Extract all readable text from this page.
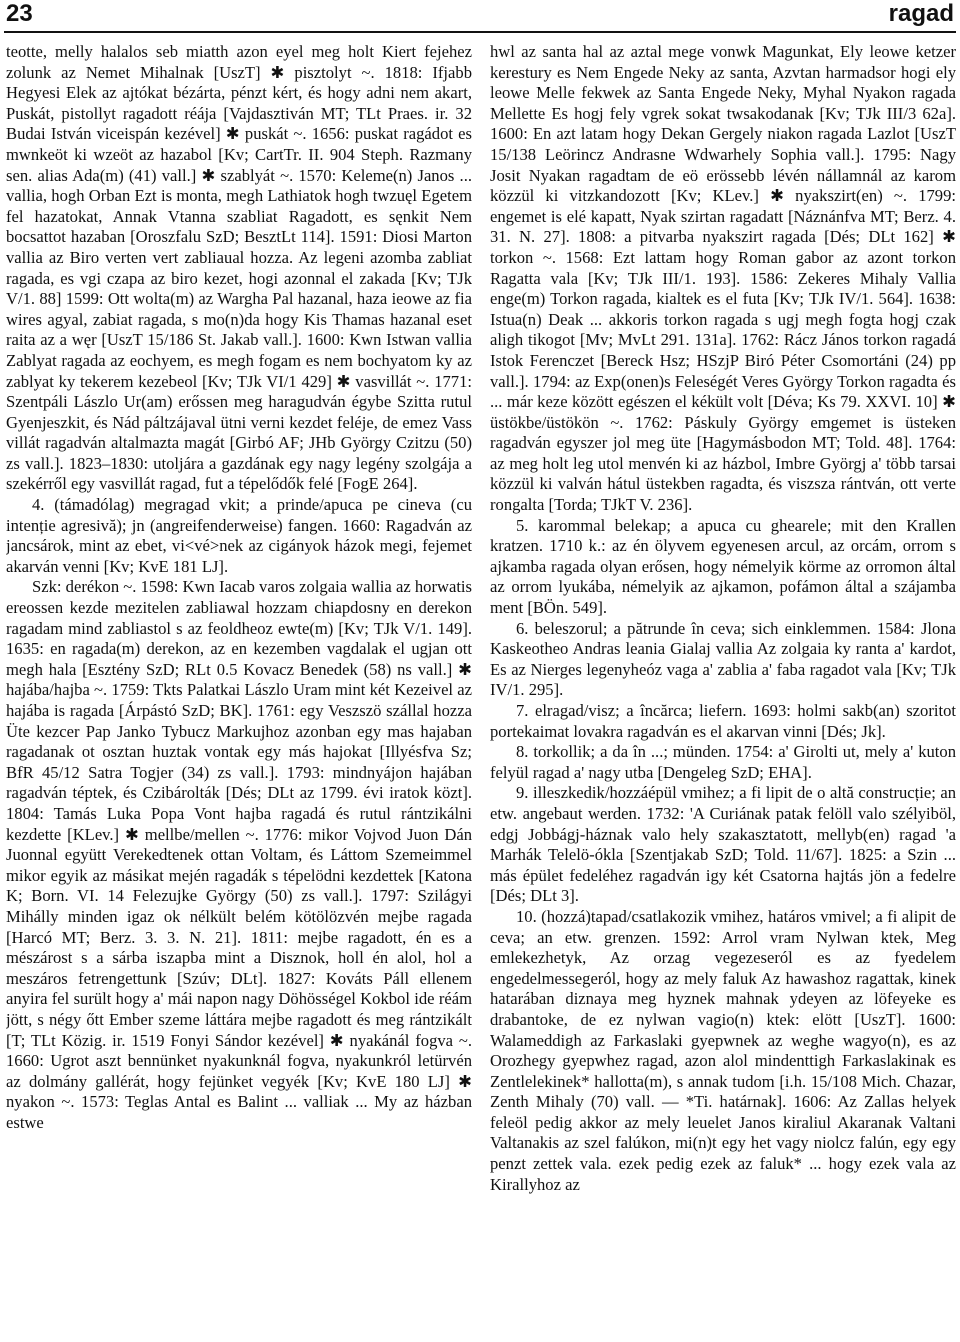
23	ragad

teotte, melly halalos seb miatth azon eyel meg holt Kiert fejehez zolunk az Nemet Mihalnak [UszT] ✱ pisztolyt ~. 1818: Ifjabb Hegyesi Elek az ajtókat bézárta, pénzt kért, és hogy adni nem akart, Puskát, pistollyt ragadott réája [Vajdasztiván MT; TLt Praes. ir. 32 Budai István viceispán kezével] ✱ puskát ~. 1656: puskat ragádot es mwnkeöt ki wzeöt az hazabol [Kv; CartTr. II. 904 Steph. Razmany sen. alias Ada(m) (41) vall.] ✱ szablyát ~. 1570: Keleme(n) Janos ... vallia, hogh Orban Ezt is monta, megh Lathiatok hogh twzuęl Egetem fel hazatokat, Annak Vtanna szabliat Ragadott, es sęnkit Nem bocsattot hazaban [Oroszfalu SzD; BesztLt 114]. 1591: Diosi Marton vallia az Biro verten vert zabliaual hozza. Az legeni azomba zabliat ragada, es vgi czapa az biro kezet, hogi azonnal el zakada [Kv; TJk V/1. 88] 1599: Ott wolta(m) az Wargha Pal hazanal, haza ieowe az fia wires agyal, zabiat ragada, s mo(n)da hogy Kis Thamas hazanal eset raita az a węr [UszT 15/186 St. Jakab vall.]. 1600: Kwn Istwan vallia Zablyat ragada az eochyem, es megh fogam es nem bochyatom ky az zablyat ky tekerem kezebeol [Kv; TJk VI/1 429] ✱ vasvillát ~. 1771: Szentpáli Lászlo Ur(am) erőssen meg haragudván égybe Szitta rutul Gyenjeszkit, és Nád páltzájaval ütni verni kezdet feléje, de emez Vass villát ragadván altalmazta magát [Girbó AF; JHb György Czitzu (50) zs vall.]. 1823–1830: utoljára a gazdának egy nagy legény szolgája a szekérről egy vasvillát ragad, fut a tépelődők felé [FogE 264].

4. (támadólag) megragad vkit; a prinde/apuca pe cineva (cu intenție agresivă); jn (angreifenderweise) fangen. 1660: Ragadván az jancsárok, mint az ebet, vi<vé>nek az cigányok házok megi, fejemet akarván venni [Kv; KvE 181 LJ].

Szk: derékon ~. 1598: Kwn Iacab varos zolgaia wallia az horwatis ereossen kezde mezitelen zabliawal hozzam chiapdosny en derekon ragadam mind zabliastol s az feoldheoz ewte(m) [Kv; TJk V/1. 149]. 1635: en ragada(m) derekon, az en kezemben vagdalak el ugjan ott megh hala [Esztény SzD; RLt 0.5 Kovacz Benedek (58) ns vall.] ✱ hajába/hajba ~. 1759: Tkts Palatkai Lászlo Uram mint két Kezeivel az hajába is ragada [Árpástó SzD; BK]. 1761: egy Veszszö szállal hozza Üte kezcer Pap Janko Tybucz Markujhoz azonban egy mas hajaban ragadanak ot osztan huztak vontak egy más hajokat [Illyésfva Sz; BfR 45/12 Satra Togjer (34) zs vall.]. 1793: mindnyájon hajában ragadván téptek, és Czibárolták [Dés; DLt az 1799. évi iratok közt]. 1804: Tamás Luka Popa Vont hajba ragadá és rutul rántzikálni kezdette [KLev.] ✱ mellbe/mellen ~. 1776: mikor Vojvod Juon Dán Juonnal együtt Verekedtenek ottan Voltam, és Láttom Szemeimmel mikor egyik az másikat mején ragadák s tépelödni kezdettek [Katona K; Born. VI. 14 Felezujke György (50) zs vall.]. 1797: Szilágyi Mihálly minden igaz ok nélkült belém kötölözvén mejbe ragada [Harcó MT; Berz. 3. 3. N. 21]. 1811: mejbe ragadott, én es a mészárost s a sárba iszapba mint a Disznok, holl én alol, hol a meszáros fetrengettunk [Szúv; DLt]. 1827: Kováts Páll ellenem anyira fel surült hogy a' mái napon nagy Döhösségel Kokbol ide réám jött, s négy őtt Ember szeme láttára mejbe ragadott és meg rántzikált [T; TLt Közig. ir. 1519 Fonyi Sándor kezével] ✱ nyakánál fogva ~. 1660: Ugrot aszt bennünket nyakunknál fogva, nyakunkról letürvén az dolmány gallérát, hogy fejünket vegyék [Kv; KvE 180 LJ] ✱ nyakon ~. 1573: Teglas Antal es Balint ... valliak ... My az házban estwe

hwl az santa hal az aztal mege vonwk Magunkat, Ely leowe ketzer kerestury es Nem Engede Neky az santa, Azvtan harmadsor hogi ely leowe Melle fekwek az Santa Engede Neky, Myhal Nyakon ragada Mellette Es hogj fely vgrek sokat twsakodanak [Kv; TJk III/3 62a]. 1600: En azt latam hogy Dekan Gergely niakon ragada Lazlot [UszT 15/138 Leörincz Andrasne Wdwarhely Sophia vall.]. 1795: Nagy Josit Nyakan ragadtam de eö erössebb lévén nállamnál az karom közzül ki vitzkandozott [Kv; KLev.] ✱ nyakszirt(en) ~. 1799: engemet is elé kapatt, Nyak szirtan ragadatt [Náznánfva MT; Berz. 4. 31. N. 27]. 1808: a pitvarba nyakszirt ragada [Dés; DLt 162] ✱ torkon ~. 1568: Ezt lattam hogy Roman gabor az azont torkon Ragatta vala [Kv; TJk III/1. 193]. 1586: Zekeres Mihaly Vallia enge(m) Torkon ragada, kialtek es el futa [Kv; TJk IV/1. 564]. 1638: Istua(n) Deak ... akkoris torkon ragada s ugj megh fogta hogj czak aligh tikogot [Mv; MvLt 291. 131a]. 1762: Rácz János torkon ragadá Istok Ferenczet [Bereck Hsz; HSzjP Biró Péter Csomortáni (24) pp vall.]. 1794: az Exp(onen)s Feleségét Veres György Torkon ragadta és ... már keze között egészen el kékült volt [Déva; Ks 79. XXVI. 10] ✱ üstökbe/üstökön ~. 1762: Páskuly György emgemet is üsteken ragadván egyszer jol meg üte [Hagymásbodon MT; Told. 48]. 1764: az meg holt leg utol menvén ki az házbol, Imbre Györgj a' több tarsai közzül ki valván hátul üstekben ragadta, és viszsza rántván, ott verte rongalta [Torda; TJkT V. 236].

5. karommal belekap; a apuca cu ghearele; mit den Krallen kratzen. 1710 k.: az én ölyvem egyenesen arcul, az orcám, orrom s ajkamba ragada olyan erősen, hogy némelyik körme az orromon által az orrom lyukába, némelyik az ajkamon, pofámon által a szájamba ment [BÖn. 549].

6. beleszorul; a pătrunde în ceva; sich einklemmen. 1584: Jlona Kaskeotheo Andras leania Gialaj vallia Az zolgaia ky ranta a' kardot, Es az Nierges legenyheóz vaga a' zablia a' faba ragadot vala [Kv; TJk IV/1. 295].

7. elragad/visz; a încărca; liefern. 1693: holmi sakb(an) szoritot portekaimat lovakra ragadván es el akarvan vinni [Dés; Jk].

8. torkollik; a da în ...; münden. 1754: a' Girolti ut, mely a' kuton felyül ragad a' nagy utba [Dengeleg SzD; EHA].

9. illeszkedik/hozzáépül vmihez; a fi lipit de o altă construcție; an etw. angebaut werden. 1732: 'A Curiának patak felöll valo szélyiböl, edgj Jobbágj-háznak valo hely szakasztatott, mellyb(en) ragad 'a Marhák Telelö-ókla [Szentjakab SzD; Told. 11/67]. 1825: a Szin ... más épület fedeléhez ragadván igy két Csatorna hajtás jön a fedelre [Dés; DLt 3].

10. (hozzá)tapad/csatlakozik vmihez, határos vmivel; a fi alipit de ceva; an etw. grenzen. 1592: Arrol vram Nylwan ktek, Meg emlekezhetyk, Az orzag vegezeseról es az fyedelem engedelmessegeról, hogy az mely faluk Az hawashoz ragattak, kinek hatarában diznaya meg hyznek mahnak ydeyen az löfeyeke es drabantoke, de ez nylwan vagio(n) ktek: elött [UszT]. 1600: Walameddigh az Farkaslaki gyepwnek az weghe wagyo(n), es az Orozhegy gyepwhez ragad, azon alol mindenttigh Farkaslakinak es Zentlelekinek* hallotta(m), s annak tudom [i.h. 15/108 Mich. Chazar, Zenth Mihaly (70) vall. — *Ti. határnak]. 1606: Az Zallas helyek feleöl pedig akkor az mely leuelet Janos kiraliul Akaranak Valtani Valtanakis az szel falúkon, mi(n)t egy het vagy niolcz falún, egy egy penzt zettek vala. ezek pedig ezek az faluk* ... hogy ezek vala az Kirallyhoz az
